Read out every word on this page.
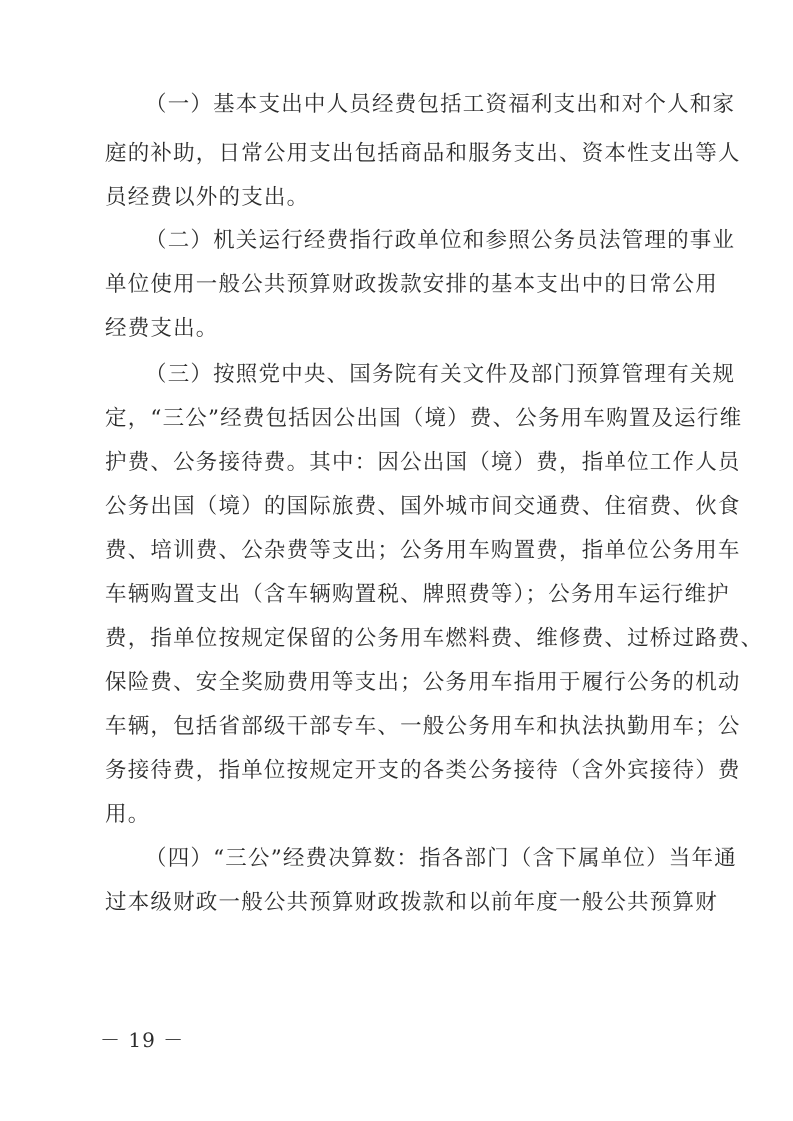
（一）基本支出中人员经费包括工资福利支出和对个人和家
庭的补助，日常公用支出包括商品和服务支出、资本性支出等人
员经费以外的支出。
（二）机关运行经费指行政单位和参照公务员法管理的事业
单位使用一般公共预算财政拨款安排的基本支出中的日常公用
经费支出。
（三）按照党中央、国务院有关文件及部门预算管理有关规
定，“三公”经费包括因公出国（境）费、公务用车购置及运行维
护费、公务接待费。其中：因公出国（境）费，指单位工作人员
公务出国（境）的国际旅费、国外城市间交通费、住宿费、伙食
费、培训费、公杂费等支出；公务用车购置费，指单位公务用车
车辆购置支出（含车辆购置税、牌照费等）；公务用车运行维护
费，指单位按规定保留的公务用车燃料费、维修费、过桥过路费、
保险费、安全奖励费用等支出；公务用车指用于履行公务的机动
车辆，包括省部级干部专车、一般公务用车和执法执勤用车；公
务接待费，指单位按规定开支的各类公务接待（含外宾接待）费
用。
（四）“三公”经费决算数：指各部门（含下属单位）当年通
过本级财政一般公共预算财政拨款和以前年度一般公共预算财
－ 19 －
